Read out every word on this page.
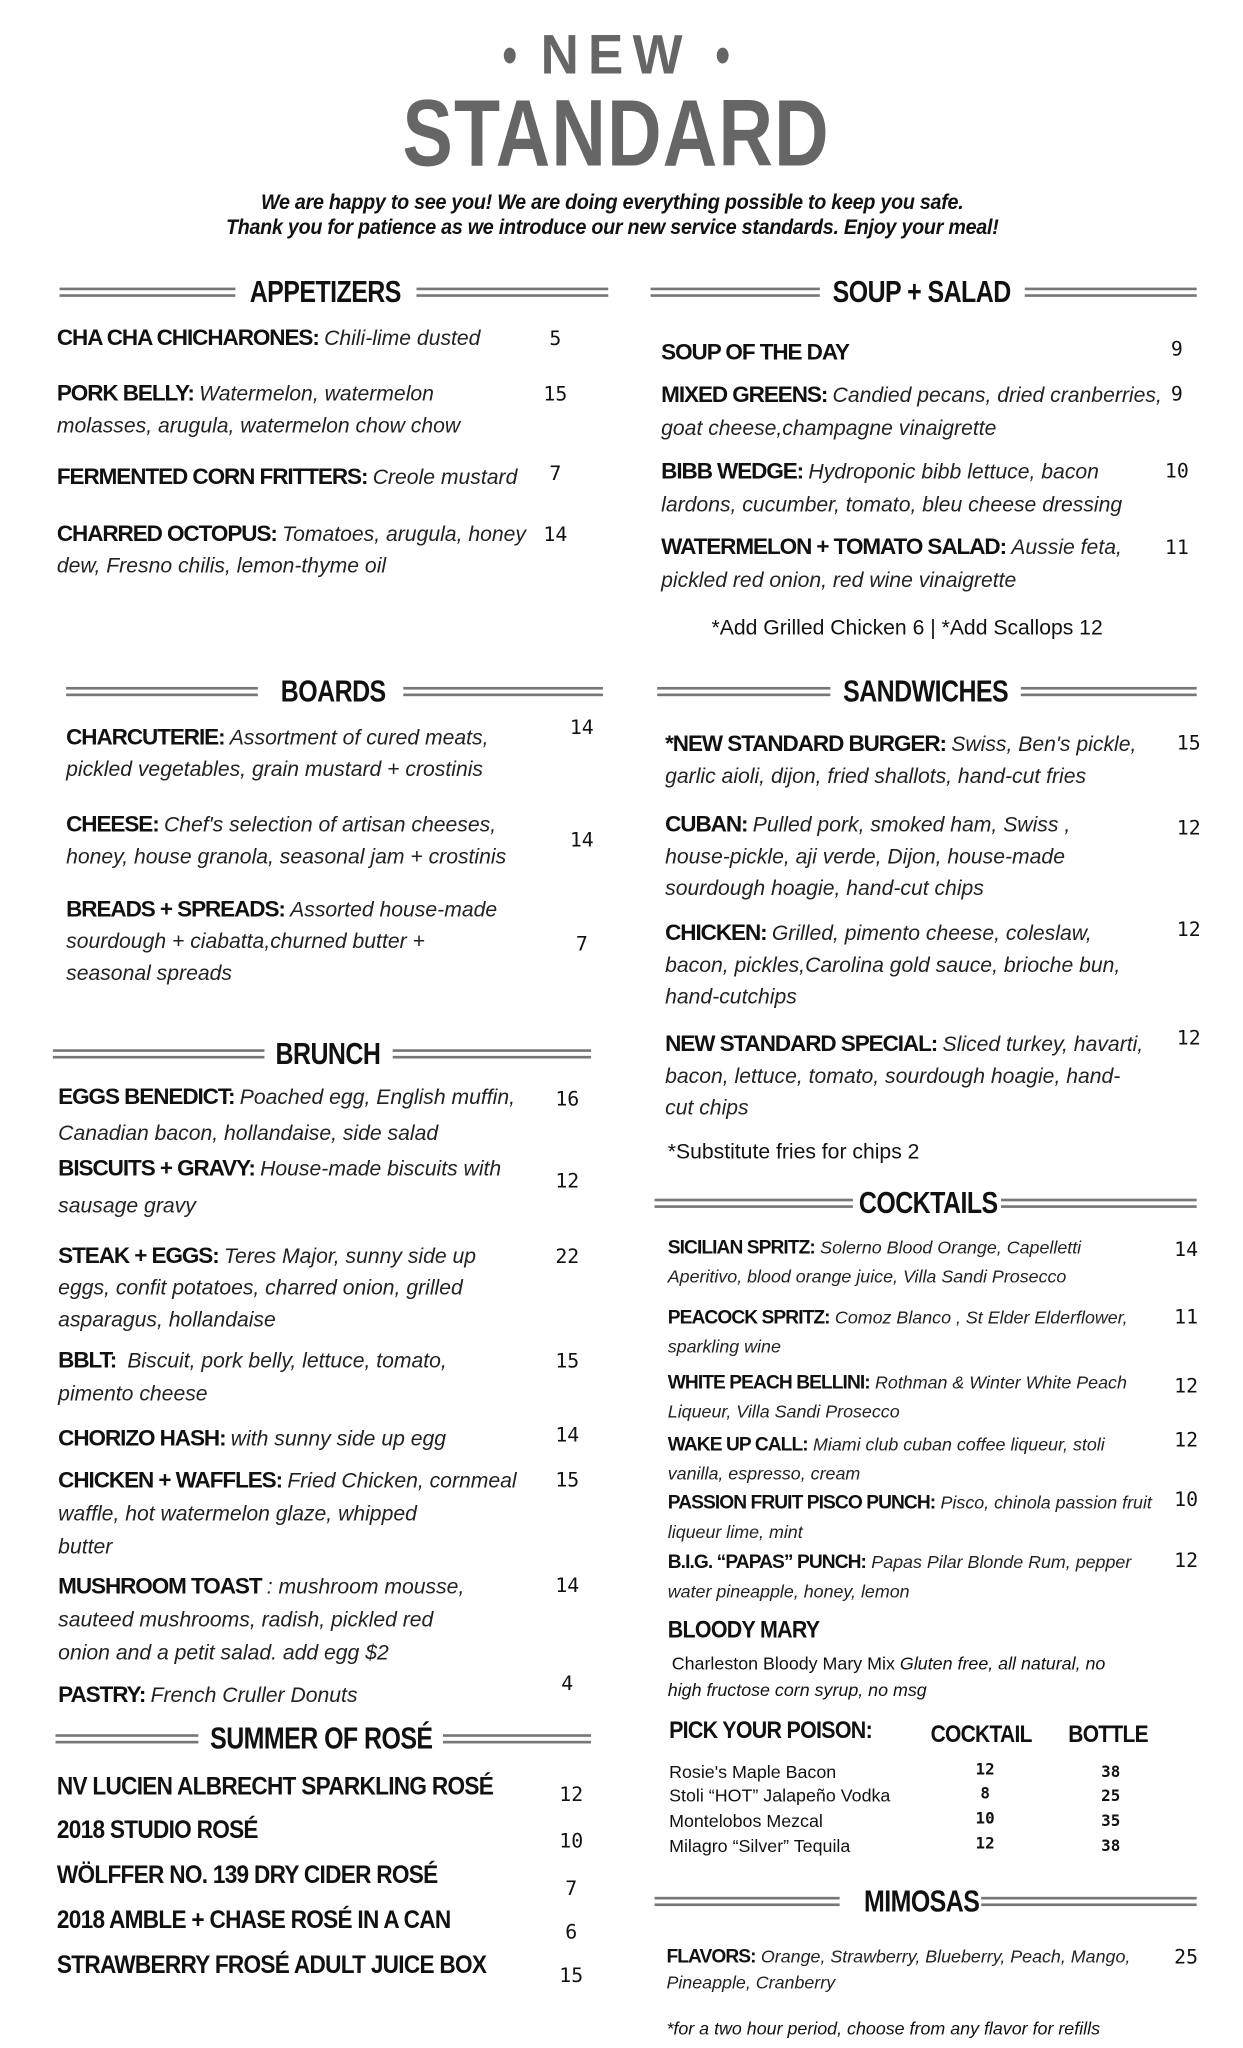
NEW
STANDARD
We are happy to see you! We are doing everything possible to keep you safe.
Thank you for patience as we introduce our new service standards. Enjoy your meal!
APPETIZERS
CHA CHA CHICHARONES: Chili-lime dusted	5
PORK BELLY: Watermelon, watermelon
molasses, arugula, watermelon chow chow
15
FERMENTED CORN FRITTERS: Creole mustard 7
CHARRED OCTOPUS: Tomatoes, arugula, honey
dew, Fresno chilis, lemon-thyme oil
14
SOUP + SALAD
SOUP OF THE DAY	9
MIXED GREENS: Candied pecans, dried cranberries,
goat cheese,champagne vinaigrette
9
BIBB WEDGE: Hydroponic bibb lettuce, bacon
lardons, cucumber, tomato, bleu cheese dressing
10
WATERMELON + TOMATO SALAD: Aussie feta,
pickled red onion, red wine vinaigrette
11
*Add Grilled Chicken 6 | *Add Scallops 12
BOARDS
CHARCUTERIE: Assortment of cured meats,
pickled vegetables, grain mustard + crostinis
14
CHEESE: Chef's selection of artisan cheeses,
honey, house granola, seasonal jam + crostinis
14
BREADS + SPREADS: Assorted house-made
sourdough + ciabatta,churned butter +
seasonal spreads
7
SANDWICHES
*NEW STANDARD BURGER: Swiss, Ben's pickle,
garlic aioli, dijon, fried shallots, hand-cut fries
15
CUBAN: Pulled pork, smoked ham, Swiss ,
house-pickle, aji verde, Dijon, house-made
sourdough hoagie, hand-cut chips
12
CHICKEN: Grilled, pimento cheese, coleslaw,
bacon, pickles,Carolina gold sauce, brioche bun,
hand-cutchips
12
NEW STANDARD SPECIAL: Sliced turkey, havarti,
bacon, lettuce, tomato, sourdough hoagie, hand-
cut chips
12
*Substitute fries for chips 2
BRUNCH
EGGS BENEDICT: Poached egg, English muffin,
Canadian bacon, hollandaise, side salad
16
BISCUITS + GRAVY: House-made biscuits with
sausage gravy
12
STEAK + EGGS: Teres Major, sunny side up
eggs, confit potatoes, charred onion, grilled
asparagus, hollandaise
22
BBLT: Biscuit, pork belly, lettuce, tomato,
pimento cheese
15
CHORIZO HASH: with sunny side up egg	14
CHICKEN + WAFFLES: Fried Chicken, cornmeal
waffle, hot watermelon glaze, whipped
butter
15
MUSHROOM TOAST : mushroom mousse,
sauteed mushrooms, radish, pickled red
onion and a petit salad. add egg $2
14
PASTRY: French Cruller Donuts	4
COCKTAILS
SICILIAN SPRITZ: Solerno Blood Orange, Capelletti
Aperitivo, blood orange juice, Villa Sandi Prosecco
14
PEACOCK SPRITZ: Comoz Blanco , St Elder Elderflower,
sparkling wine
11
WHITE PEACH BELLINI: Rothman & Winter White Peach
Liqueur, Villa Sandi Prosecco
12
WAKE UP CALL: Miami club cuban coffee liqueur, stoli
vanilla, espresso, cream
12
PASSION FRUIT PISCO PUNCH: Pisco, chinola passion fruit
liqueur lime, mint
10
B.I.G. “PAPAS” PUNCH: Papas Pilar Blonde Rum, pepper
water pineapple, honey, lemon
12
SUMMER OF ROSÉ
NV LUCIEN ALBRECHT SPARKLING ROSÉ	12
2018 STUDIO ROSÉ	10
WÖLFFER NO. 139 DRY CIDER ROSÉ	7
2018 AMBLE + CHASE ROSÉ IN A CAN	6
STRAWBERRY FROSÉ ADULT JUICE BOX	15
MIMOSAS
FLAVORS: Orange, Strawberry, Blueberry, Peach, Mango,
Pineapple, Cranberry
25
*for a two hour period, choose from any flavor for refills
BLOODY MARY
Charleston Bloody Mary Mix Gluten free, all natural, no
high fructose corn syrup, no msg
PICK YOUR POISON:	COCKTAIL BOTTLE
Rosie's Maple Bacon	12	38
Stoli “HOT” Jalapeño Vodka	8	25
Montelobos Mezcal	10	35
Milagro “Silver” Tequila	12	38
